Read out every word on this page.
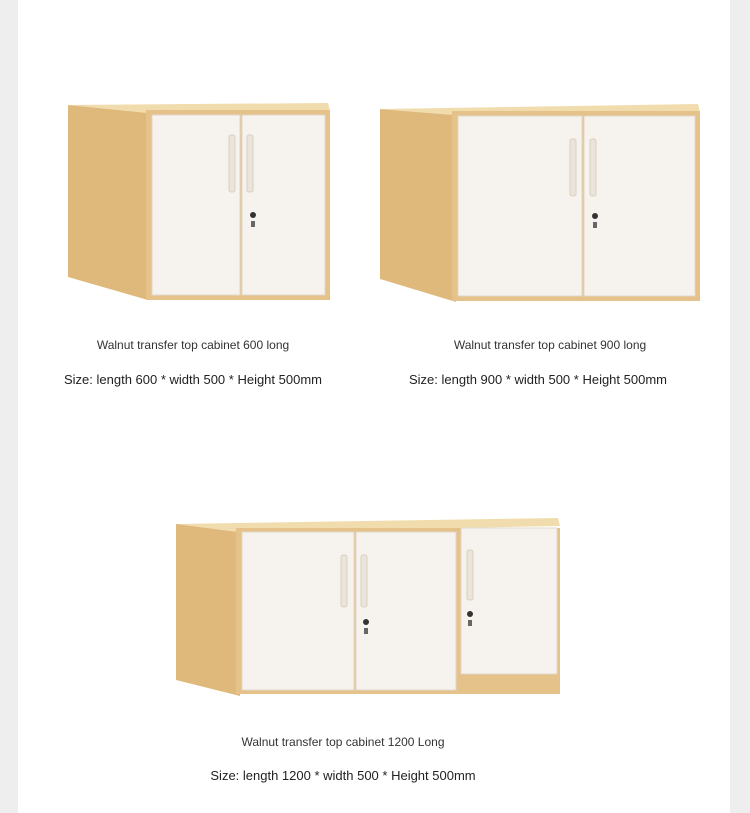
Walnut transfer top cabinet 600 long
Size: length 600 * width 500 * Height 500mm
Walnut transfer top cabinet 900 long
Size: length 900 * width 500 * Height 500mm
Walnut transfer top cabinet 1200 Long
Size: length 1200 * width 500 * Height 500mm
